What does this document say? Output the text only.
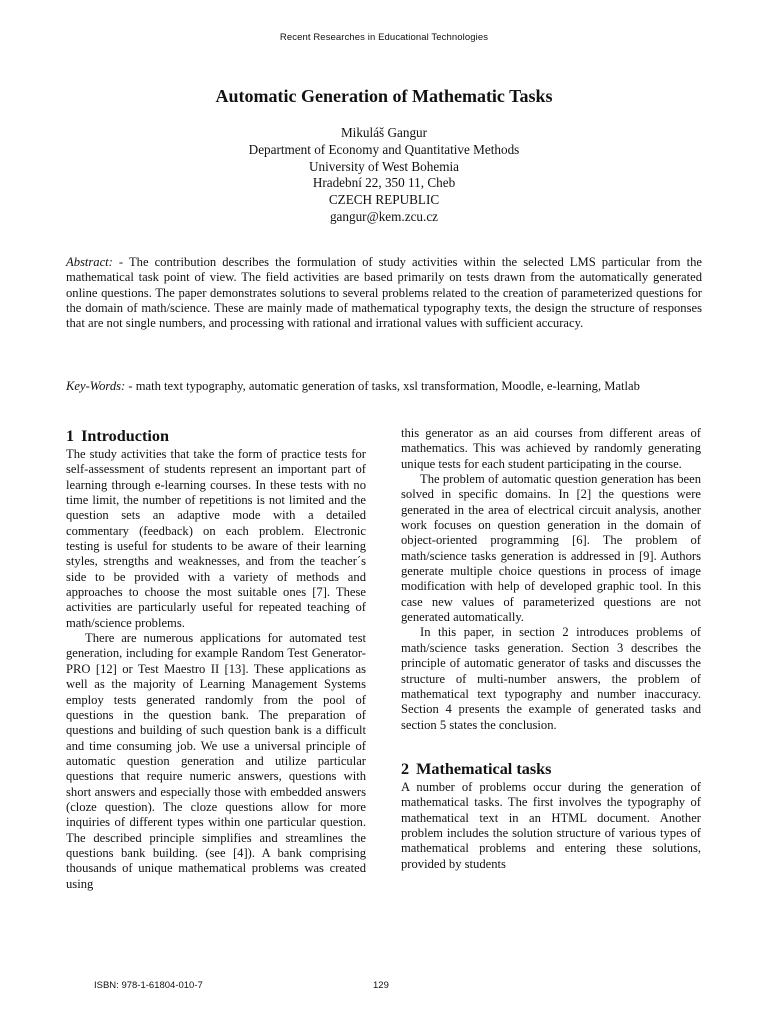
Recent Researches in Educational Technologies
Automatic Generation of Mathematic Tasks
Mikuláš Gangur
Department of Economy and Quantitative Methods
University of West Bohemia
Hradební 22, 350 11, Cheb
CZECH REPUBLIC
gangur@kem.zcu.cz
Abstract: - The contribution describes the formulation of study activities within the selected LMS particular from the mathematical task point of view. The field activities are based primarily on tests drawn from the automatically generated online questions. The paper demonstrates solutions to several problems related to the creation of parameterized questions for the domain of math/science. These are mainly made of mathematical typography texts, the design the structure of responses that are not single numbers, and processing with rational and irrational values with sufficient accuracy.
Key-Words: - math text typography, automatic generation of tasks, xsl transformation, Moodle, e-learning, Matlab
1 Introduction

The study activities that take the form of practice tests for self-assessment of students represent an important part of learning through e-learning courses. In these tests with no time limit, the number of repetitions is not limited and the question sets an adaptive mode with a detailed commentary (feedback) on each problem. Electronic testing is useful for students to be aware of their learning styles, strengths and weaknesses, and from the teacher´s side to be provided with a variety of methods and approaches to choose the most suitable ones [7]. These activities are particularly useful for repeated teaching of math/science problems.

There are numerous applications for automated test generation, including for example Random Test Generator-PRO [12] or Test Maestro II [13]. These applications as well as the majority of Learning Management Systems employ tests generated randomly from the pool of questions in the question bank. The preparation of questions and building of such question bank is a difficult and time consuming job. We use a universal principle of automatic question generation and utilize particular questions that require numeric answers, questions with short answers and especially those with embedded answers (cloze question). The cloze questions allow for more inquiries of different types within one particular question. The described principle simplifies and streamlines the questions bank building. (see [4]). A bank comprising thousands of unique mathematical problems was created using

this generator as an aid courses from different areas of mathematics. This was achieved by randomly generating unique tests for each student participating in the course.

The problem of automatic question generation has been solved in specific domains. In [2] the questions were generated in the area of electrical circuit analysis, another work focuses on question generation in the domain of object-oriented programming [6]. The problem of math/science tasks generation is addressed in [9]. Authors generate multiple choice questions in process of image modification with help of developed graphic tool. In this case new values of parameterized questions are not generated automatically.

In this paper, in section 2 introduces problems of math/science tasks generation. Section 3 describes the principle of automatic generator of tasks and discusses the structure of multi-number answers, the problem of mathematical text typography and number inaccuracy. Section 4 presents the example of generated tasks and section 5 states the conclusion.

2 Mathematical tasks

A number of problems occur during the generation of mathematical tasks. The first involves the typography of mathematical text in an HTML document. Another problem includes the solution structure of various types of mathematical problems and entering these solutions, provided by students

ISBN: 978-1-61804-010-7	129
